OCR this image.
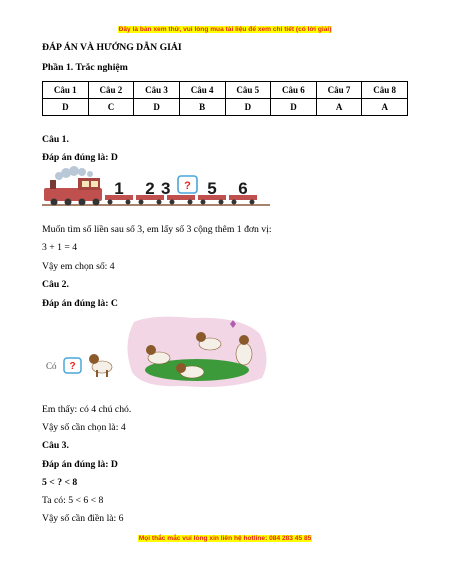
Đây là bản xem thử, vui lòng mua tài liệu để xem chi tiết (có lời giải)
ĐÁP ÁN VÀ HƯỚNG DẪN GIẢI
Phần 1. Trắc nghiệm
Câu 1	Câu 2	Câu 3	Câu 4	Câu 5	Câu 6	Câu 7	Câu 8
D	C	D	B	D	D	A	A
Câu 1.
Đáp án đúng là: D
1 2 3 ? 5 6
Muốn tìm số liền sau số 3, em lấy số 3 cộng thêm 1 đơn vị:
3 + 1 = 4
Vậy em chọn số: 4
Câu 2.
Đáp án đúng là: C
Có ?
Em thấy: có 4 chú chó.
Vậy số cần chọn là: 4
Câu 3.
Đáp án đúng là: D
5 < ? < 8
Ta có: 5 < 6 < 8
Vậy số cần điền là: 6
Mọi thắc mắc vui lòng xin liên hệ hotline: 084 283 45 85
